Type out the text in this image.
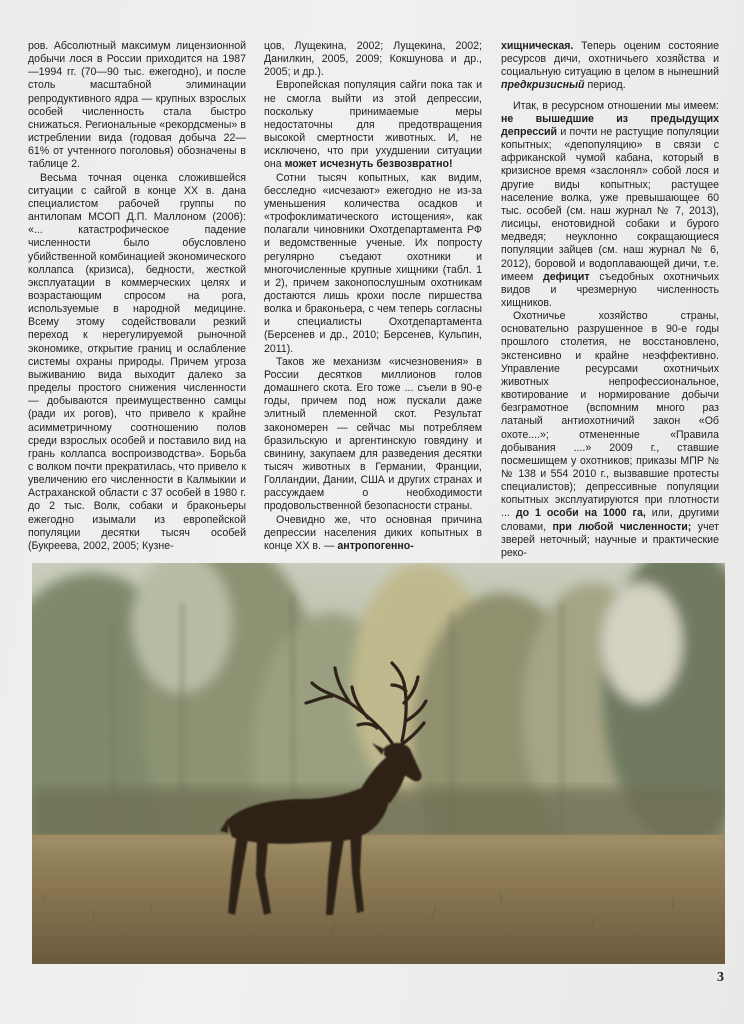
ров. Абсолютный максимум лицензионной добычи лося в России приходится на 1987—1994 гг. (70—90 тыс. ежегодно), и после столь масштабной элиминации репродуктивного ядра — крупных взрослых особей численность стала быстро снижаться. Региональные «рекордсмены» в истреблении вида (годовая добыча 22—61% от учтенного поголовья) обозначены в таблице 2.

Весьма точная оценка сложившейся ситуации с сайгой в конце XX в. дана специалистом рабочей группы по антилопам МСОП Д.П. Маллоном (2006): «... катастрофическое падение численности было обусловлено убийственной комбинацией экономического коллапса (кризиса), бедности, жесткой эксплуатации в коммерческих целях и возрастающим спросом на рога, используемые в народной медицине. Всему этому содействовали резкий переход к нерегулируемой рыночной экономике, открытие границ и ослабление системы охраны природы. Причем угроза выживанию вида выходит далеко за пределы простого снижения численности — добываются преимущественно самцы (ради их рогов), что привело к крайне асимметричному соотношению полов среди взрослых особей и поставило вид на грань коллапса воспроизводства». Борьба с волком почти прекратилась, что привело к увеличению его численности в Калмыкии и Астраханской области с 37 особей в 1980 г. до 2 тыс. Волк, собаки и браконьеры ежегодно изымали из европейской популяции десятки тысяч особей (Букреева, 2002, 2005; Кузне-

цов, Лущекина, 2002; Лущекина, 2002; Данилкин, 2005, 2009; Кокшунова и др., 2005; и др.).

Европейская популяция сайги пока так и не смогла выйти из этой депрессии, поскольку принимаемые меры недостаточны для предотвращения высокой смертности животных. И, не исключено, что при ухудшении ситуации она может исчезнуть безвозвратно!

Сотни тысяч копытных, как видим, бесследно «исчезают» ежегодно не из-за уменьшения количества осадков и «трофоклиматического истощения», как полагали чиновники Охотдепартамента РФ и ведомственные ученые. Их попросту регулярно съедают охотники и многочисленные крупные хищники (табл. 1 и 2), причем законопослушным охотникам достаются лишь крохи после пиршества волка и браконьера, с чем теперь согласны и специалисты Охотдепартамента (Берсенев и др., 2010; Берсенев, Кульпин, 2011).

Таков же механизм «исчезновения» в России десятков миллионов голов домашнего скота. Его тоже ... съели в 90-е годы, причем под нож пускали даже элитный племенной скот. Результат закономерен — сейчас мы потребляем бразильскую и аргентинскую говядину и свинину, закупаем для разведения десятки тысяч животных в Германии, Франции, Голландии, Дании, США и других странах и рассуждаем о необходимости продовольственной безопасности страны.

Очевидно же, что основная причина депрессии населения диких копытных в конце XX в. — антропогенно-

хищническая. Теперь оценим состояние ресурсов дичи, охотничьего хозяйства и социальную ситуацию в целом в нынешний предкризисный период.

Итак, в ресурсном отношении мы имеем: не вышедшие из предыдущих депрессий и почти не растущие популяции копытных; «депопуляцию» в связи с африканской чумой кабана, который в кризисное время «заслонял» собой лося и другие виды копытных; растущее население волка, уже превышающее 60 тыс. особей (см. наш журнал № 7, 2013), лисицы, енотовидной собаки и бурого медведя; неуклонно сокращающиеся популяции зайцев (см. наш журнал № 6, 2012), боровой и водоплавающей дичи, т.е. имеем дефицит съедобных охотничьих видов и чрезмерную численность хищников.

Охотничье хозяйство страны, основательно разрушенное в 90-е годы прошлого столетия, не восстановлено, экстенсивно и крайне неэффективно. Управление ресурсами охотничьих животных непрофессиональное, квотирование и нормирование добычи безграмотное (вспомним много раз латаный антиохотничий закон «Об охоте....»; отмененные «Правила добывания ....» 2009 г., ставшие посмешищем у охотников; приказы МПР №№ 138 и 554 2010 г., вызвавшие протесты специалистов); депрессивные популяции копытных эксплуатируются при плотности ... до 1 особи на 1000 га, или, другими словами, при любой численности; учет зверей неточный; научные и практические реко-

3
